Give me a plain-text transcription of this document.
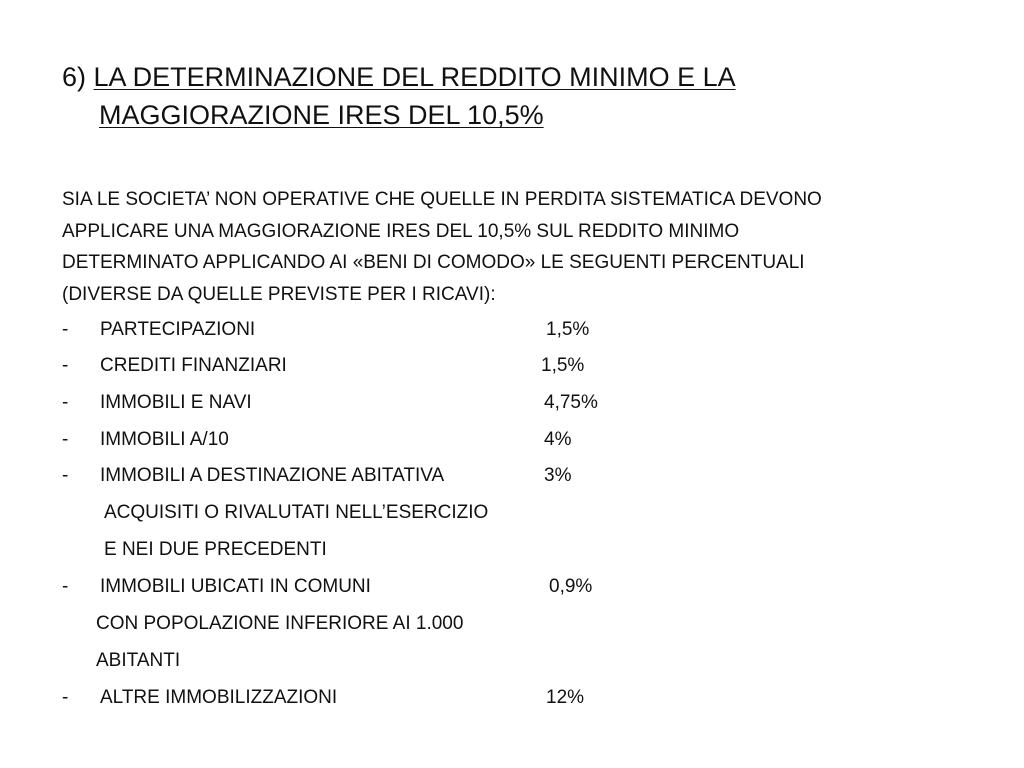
6) LA DETERMINAZIONE DEL REDDITO MINIMO E LA
MAGGIORAZIONE IRES DEL 10,5%
SIA LE SOCIETA’ NON OPERATIVE CHE QUELLE IN PERDITA SISTEMATICA DEVONO
APPLICARE UNA MAGGIORAZIONE IRES DEL 10,5% SUL REDDITO MINIMO
DETERMINATO APPLICANDO AI «BENI DI COMODO» LE SEGUENTI PERCENTUALI
(DIVERSE DA QUELLE PREVISTE PER I RICAVI):
- PARTECIPAZIONI	1,5%
- CREDITI FINANZIARI	1,5%
- IMMOBILI E NAVI	4,75%
- IMMOBILI A/10	4%
- IMMOBILI A DESTINAZIONE ABITATIVA	3%
ACQUISITI O RIVALUTATI NELL’ESERCIZIO
E NEI DUE PRECEDENTI
- IMMOBILI UBICATI IN COMUNI	0,9%
CON POPOLAZIONE INFERIORE AI 1.000
ABITANTI
- ALTRE IMMOBILIZZAZIONI	12%
